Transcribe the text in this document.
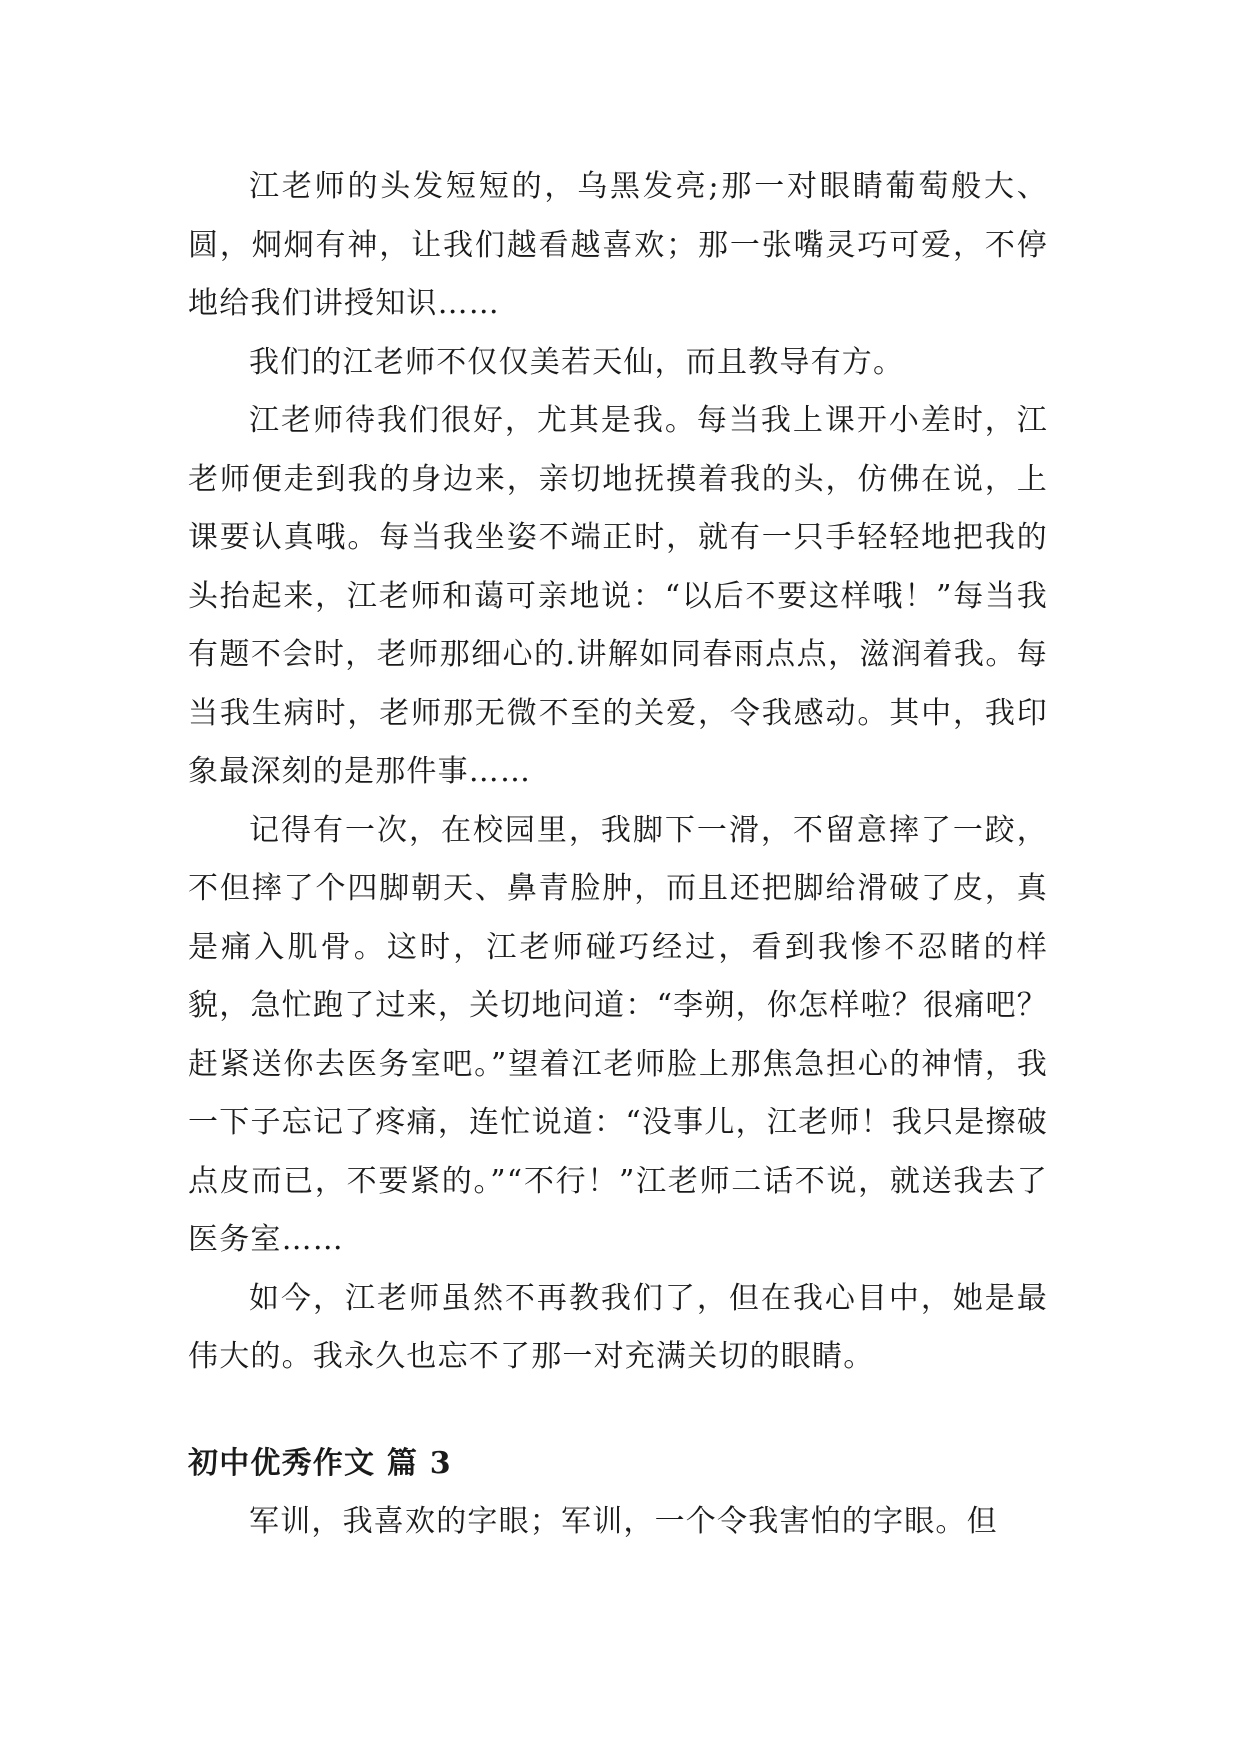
江老师的头发短短的，乌黑发亮;那一对眼睛葡萄般大、圆，炯炯有神，让我们越看越喜欢；那一张嘴灵巧可爱，不停地给我们讲授知识……

我们的江老师不仅仅美若天仙，而且教导有方。

江老师待我们很好，尤其是我。每当我上课开小差时，江老师便走到我的身边来，亲切地抚摸着我的头，仿佛在说，上课要认真哦。每当我坐姿不端正时，就有一只手轻轻地把我的头抬起来，江老师和蔼可亲地说：“以后不要这样哦！”每当我有题不会时，老师那细心的.讲解如同春雨点点，滋润着我。每当我生病时，老师那无微不至的关爱，令我感动。其中，我印象最深刻的是那件事……

记得有一次，在校园里，我脚下一滑，不留意摔了一跤，不但摔了个四脚朝天、鼻青脸肿，而且还把脚给滑破了皮，真是痛入肌骨。这时，江老师碰巧经过，看到我惨不忍睹的样貌，急忙跑了过来，关切地问道：“李朔，你怎样啦？很痛吧？赶紧送你去医务室吧。”望着江老师脸上那焦急担心的神情，我一下子忘记了疼痛，连忙说道：“没事儿，江老师！我只是擦破点皮而已，不要紧的。”“不行！”江老师二话不说，就送我去了医务室……

如今，江老师虽然不再教我们了，但在我心目中，她是最伟大的。我永久也忘不了那一对充满关切的眼睛。

初中优秀作文 篇 3

军训，我喜欢的字眼；军训，一个令我害怕的字眼。但
